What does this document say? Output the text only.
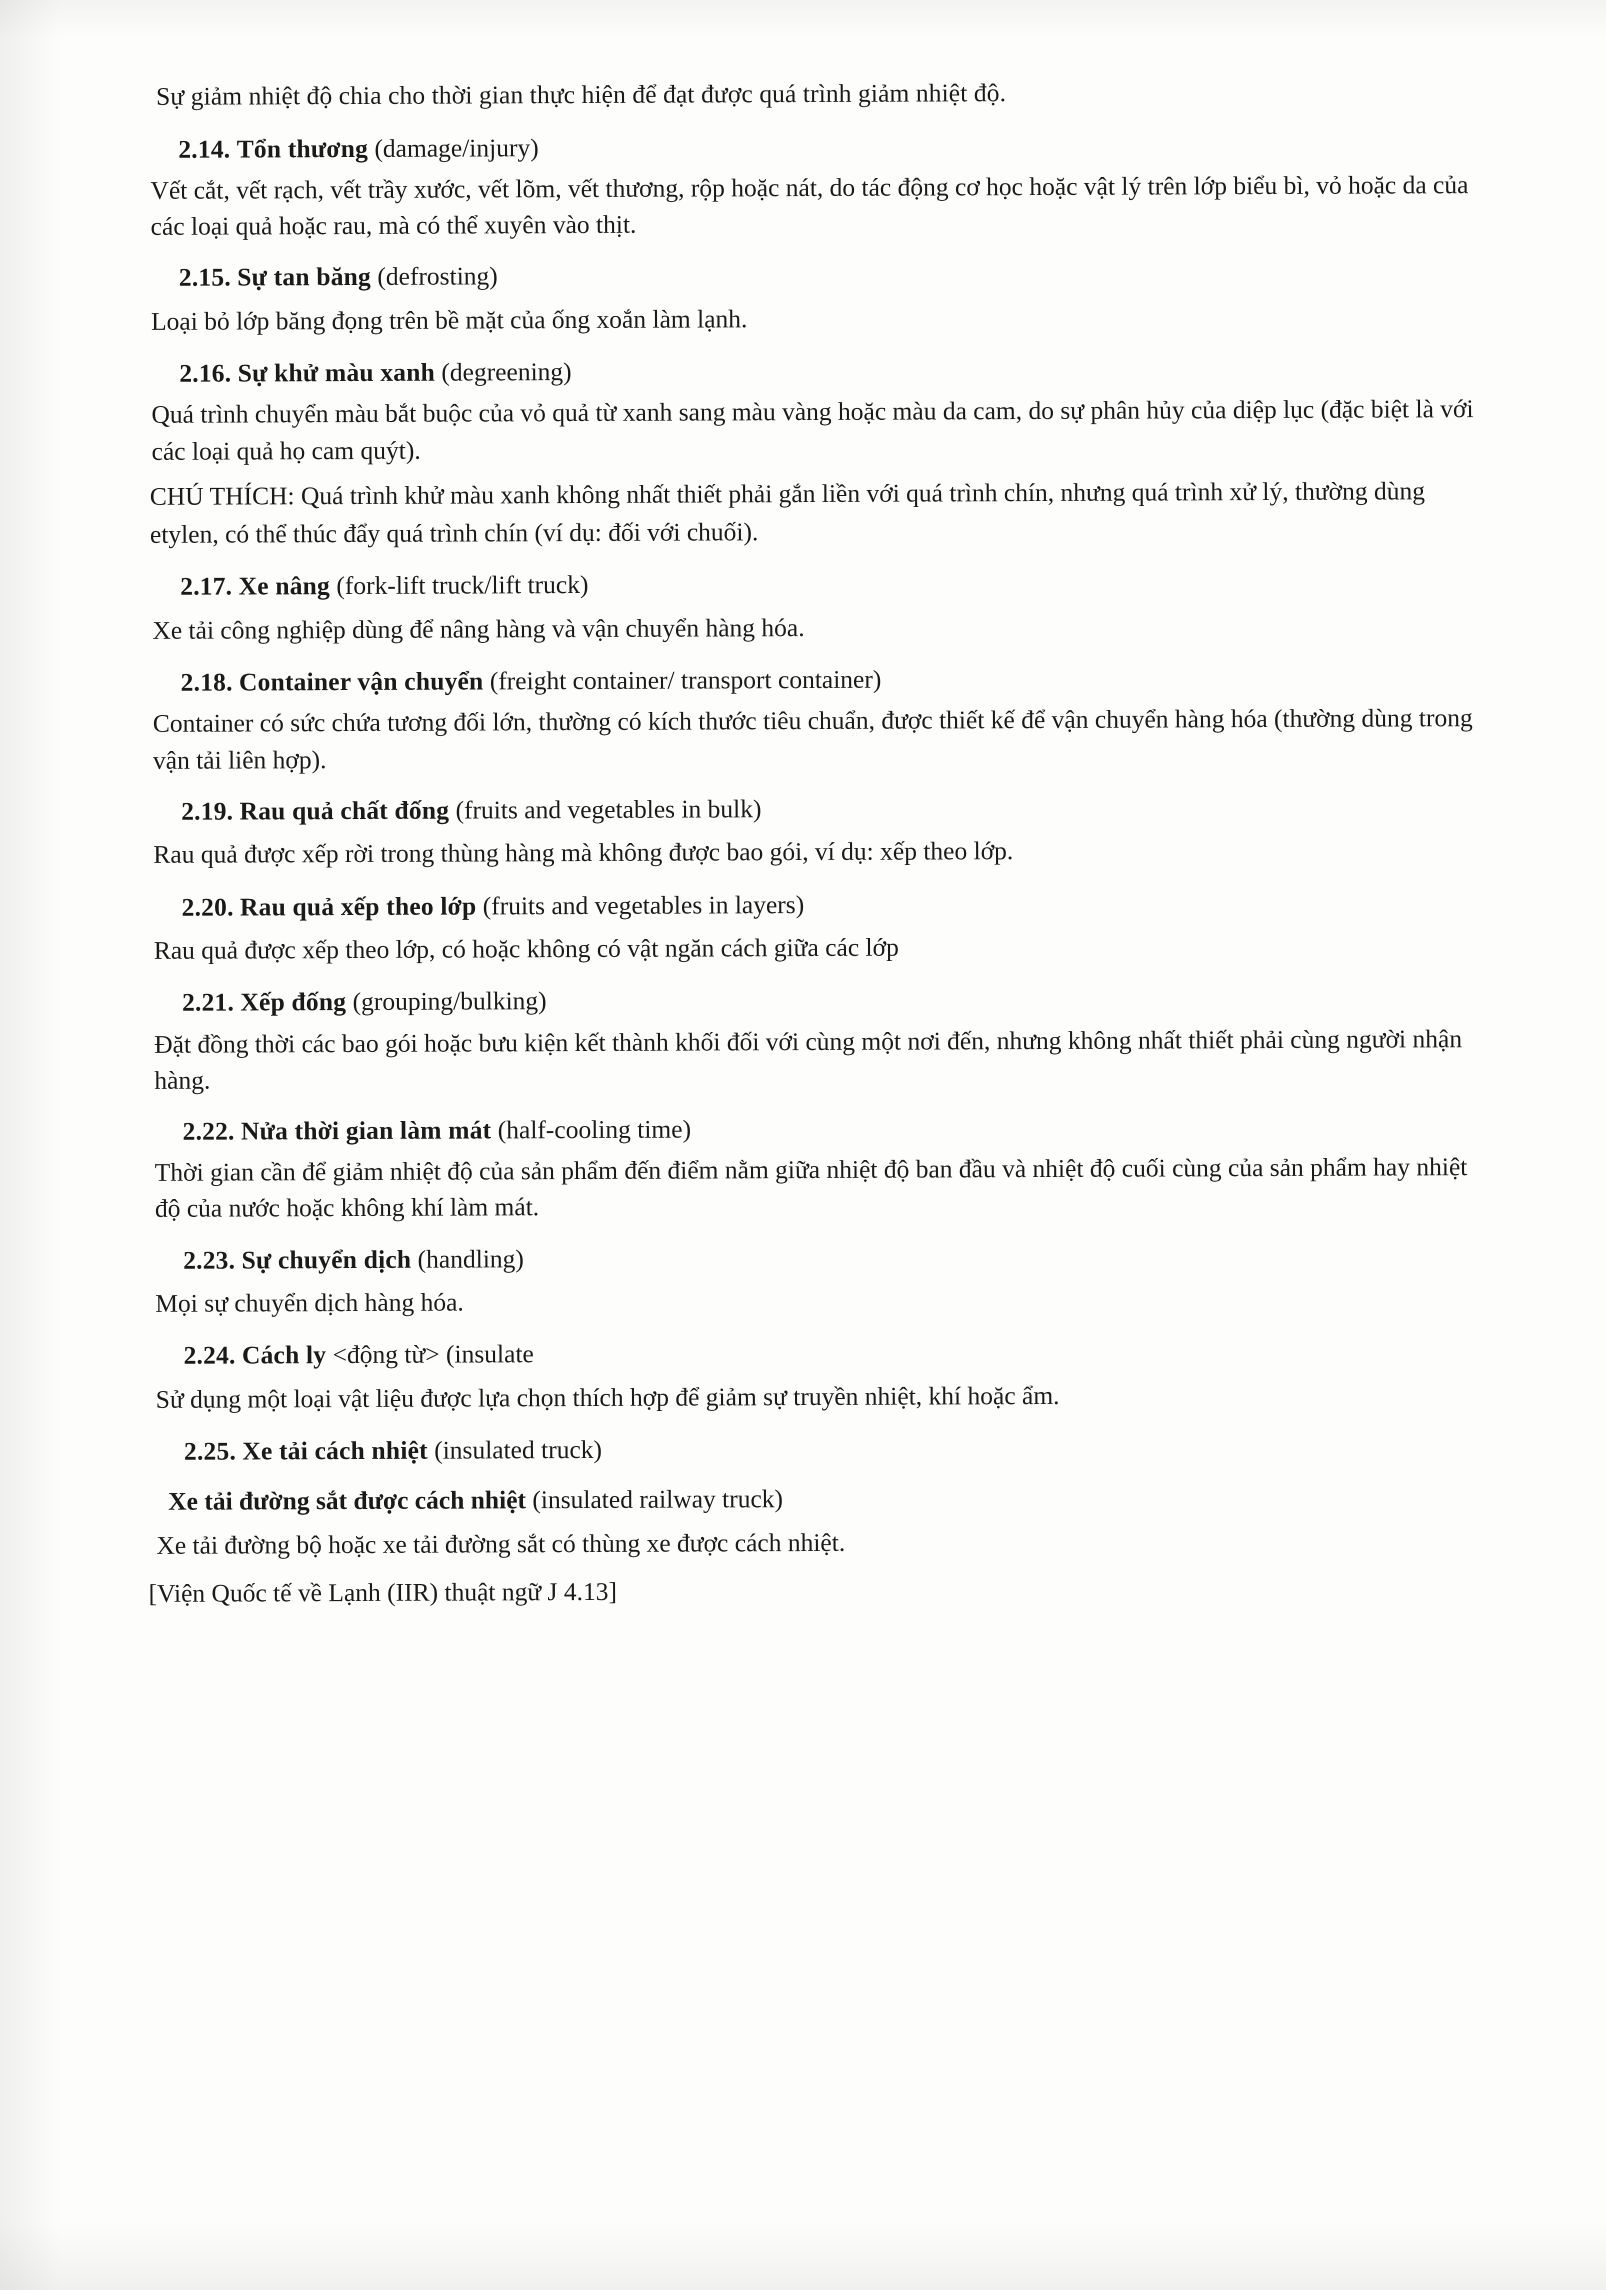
Sự giảm nhiệt độ chia cho thời gian thực hiện để đạt được quá trình giảm nhiệt độ.

2.14. Tổn thương (damage/injury)

Vết cắt, vết rạch, vết trầy xước, vết lõm, vết thương, rộp hoặc nát, do tác động cơ học hoặc vật lý trên lớp biểu bì, vỏ hoặc da của các loại quả hoặc rau, mà có thể xuyên vào thịt.

2.15. Sự tan băng (defrosting)

Loại bỏ lớp băng đọng trên bề mặt của ống xoắn làm lạnh.

2.16. Sự khử màu xanh (degreening)

Quá trình chuyển màu bắt buộc của vỏ quả từ xanh sang màu vàng hoặc màu da cam, do sự phân hủy của diệp lục (đặc biệt là với các loại quả họ cam quýt).

CHÚ THÍCH: Quá trình khử màu xanh không nhất thiết phải gắn liền với quá trình chín, nhưng quá trình xử lý, thường dùng etylen, có thể thúc đẩy quá trình chín (ví dụ: đối với chuối).

2.17. Xe nâng (fork-lift truck/lift truck)

Xe tải công nghiệp dùng để nâng hàng và vận chuyển hàng hóa.

2.18. Container vận chuyển (freight container/ transport container)

Container có sức chứa tương đối lớn, thường có kích thước tiêu chuẩn, được thiết kế để vận chuyển hàng hóa (thường dùng trong vận tải liên hợp).

2.19. Rau quả chất đống (fruits and vegetables in bulk)

Rau quả được xếp rời trong thùng hàng mà không được bao gói, ví dụ: xếp theo lớp.

2.20. Rau quả xếp theo lớp (fruits and vegetables in layers)

Rau quả được xếp theo lớp, có hoặc không có vật ngăn cách giữa các lớp

2.21. Xếp đống (grouping/bulking)

Đặt đồng thời các bao gói hoặc bưu kiện kết thành khối đối với cùng một nơi đến, nhưng không nhất thiết phải cùng người nhận hàng.

2.22. Nửa thời gian làm mát (half-cooling time)

Thời gian cần để giảm nhiệt độ của sản phẩm đến điểm nằm giữa nhiệt độ ban đầu và nhiệt độ cuối cùng của sản phẩm hay nhiệt độ của nước hoặc không khí làm mát.

2.23. Sự chuyển dịch (handling)

Mọi sự chuyển dịch hàng hóa.

2.24. Cách ly <động từ> (insulate

Sử dụng một loại vật liệu được lựa chọn thích hợp để giảm sự truyền nhiệt, khí hoặc ẩm.

2.25. Xe tải cách nhiệt (insulated truck)

Xe tải đường sắt được cách nhiệt (insulated railway truck)

Xe tải đường bộ hoặc xe tải đường sắt có thùng xe được cách nhiệt.

[Viện Quốc tế về Lạnh (IIR) thuật ngữ J 4.13]
